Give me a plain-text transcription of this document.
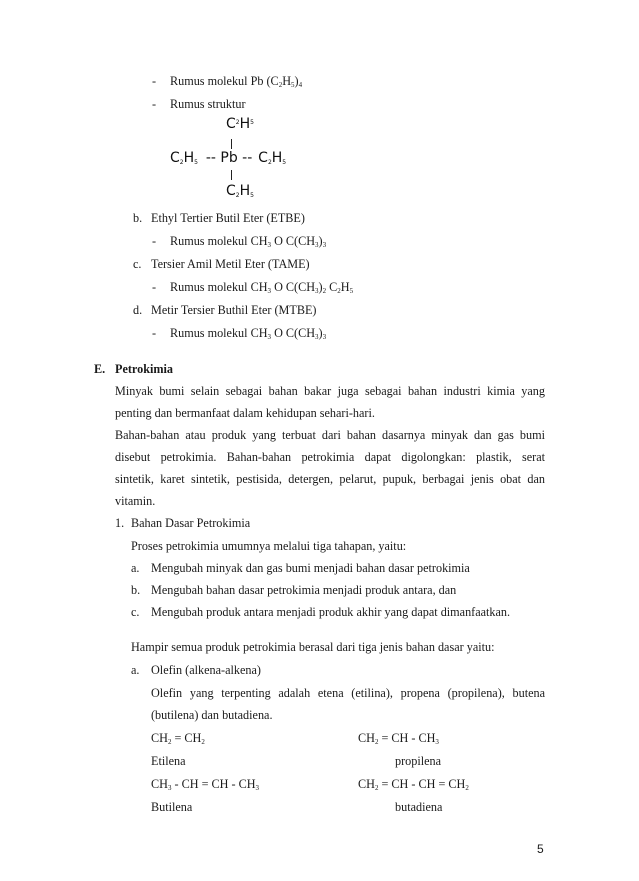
- Rumus molekul Pb $(C_2H_5)_4$
- Rumus struktur
$C^2H^5$
C2H5 -- Pb -- C2H5
C2H5
b. Ethyl Tertier Butil Eter (ETBE)
- Rumus molekul $CH_3$ O $C(CH_3)_3$
c. Tersier Amil Metil Eter (TAME)
- Rumus molekul $CH_3$ O $C(CH_3)_2$ $C_2H_5$
d. Metir Tersier Buthil Eter (MTBE)
- Rumus molekul $CH_3$ O $C(CH_3)_3$
E. Petrokimia
Minyak bumi selain sebagai bahan bakar juga sebagai bahan industri kimia yang
penting dan bermanfaat dalam kehidupan sehari-hari.
Bahan-bahan atau produk yang terbuat dari bahan dasarnya minyak dan gas bumi
disebut petrokimia. Bahan-bahan petrokimia dapat digolongkan: plastik, serat
sintetik, karet sintetik, pestisida, detergen, pelarut, pupuk, berbagai jenis obat dan
vitamin.
1. Bahan Dasar Petrokimia
Proses petrokimia umumnya melalui tiga tahapan, yaitu:
a. Mengubah minyak dan gas bumi menjadi bahan dasar petrokimia
b. Mengubah bahan dasar petrokimia menjadi produk antara, dan
c. Mengubah produk antara menjadi produk akhir yang dapat dimanfaatkan.
Hampir semua produk petrokimia berasal dari tiga jenis bahan dasar yaitu:
a. Olefin (alkena-alkena)
Olefin yang terpenting adalah etena (etilina), propena (propilena), butena
(butilena) dan butadiena.
$CH_2 = CH_2$	$CH_2$ = CH - $CH_3$
Etilena	propilena
$CH_3$ - CH = CH - $CH_3$	$CH_2$ = CH - CH = $CH_2$
Butilena	butadiena
5
